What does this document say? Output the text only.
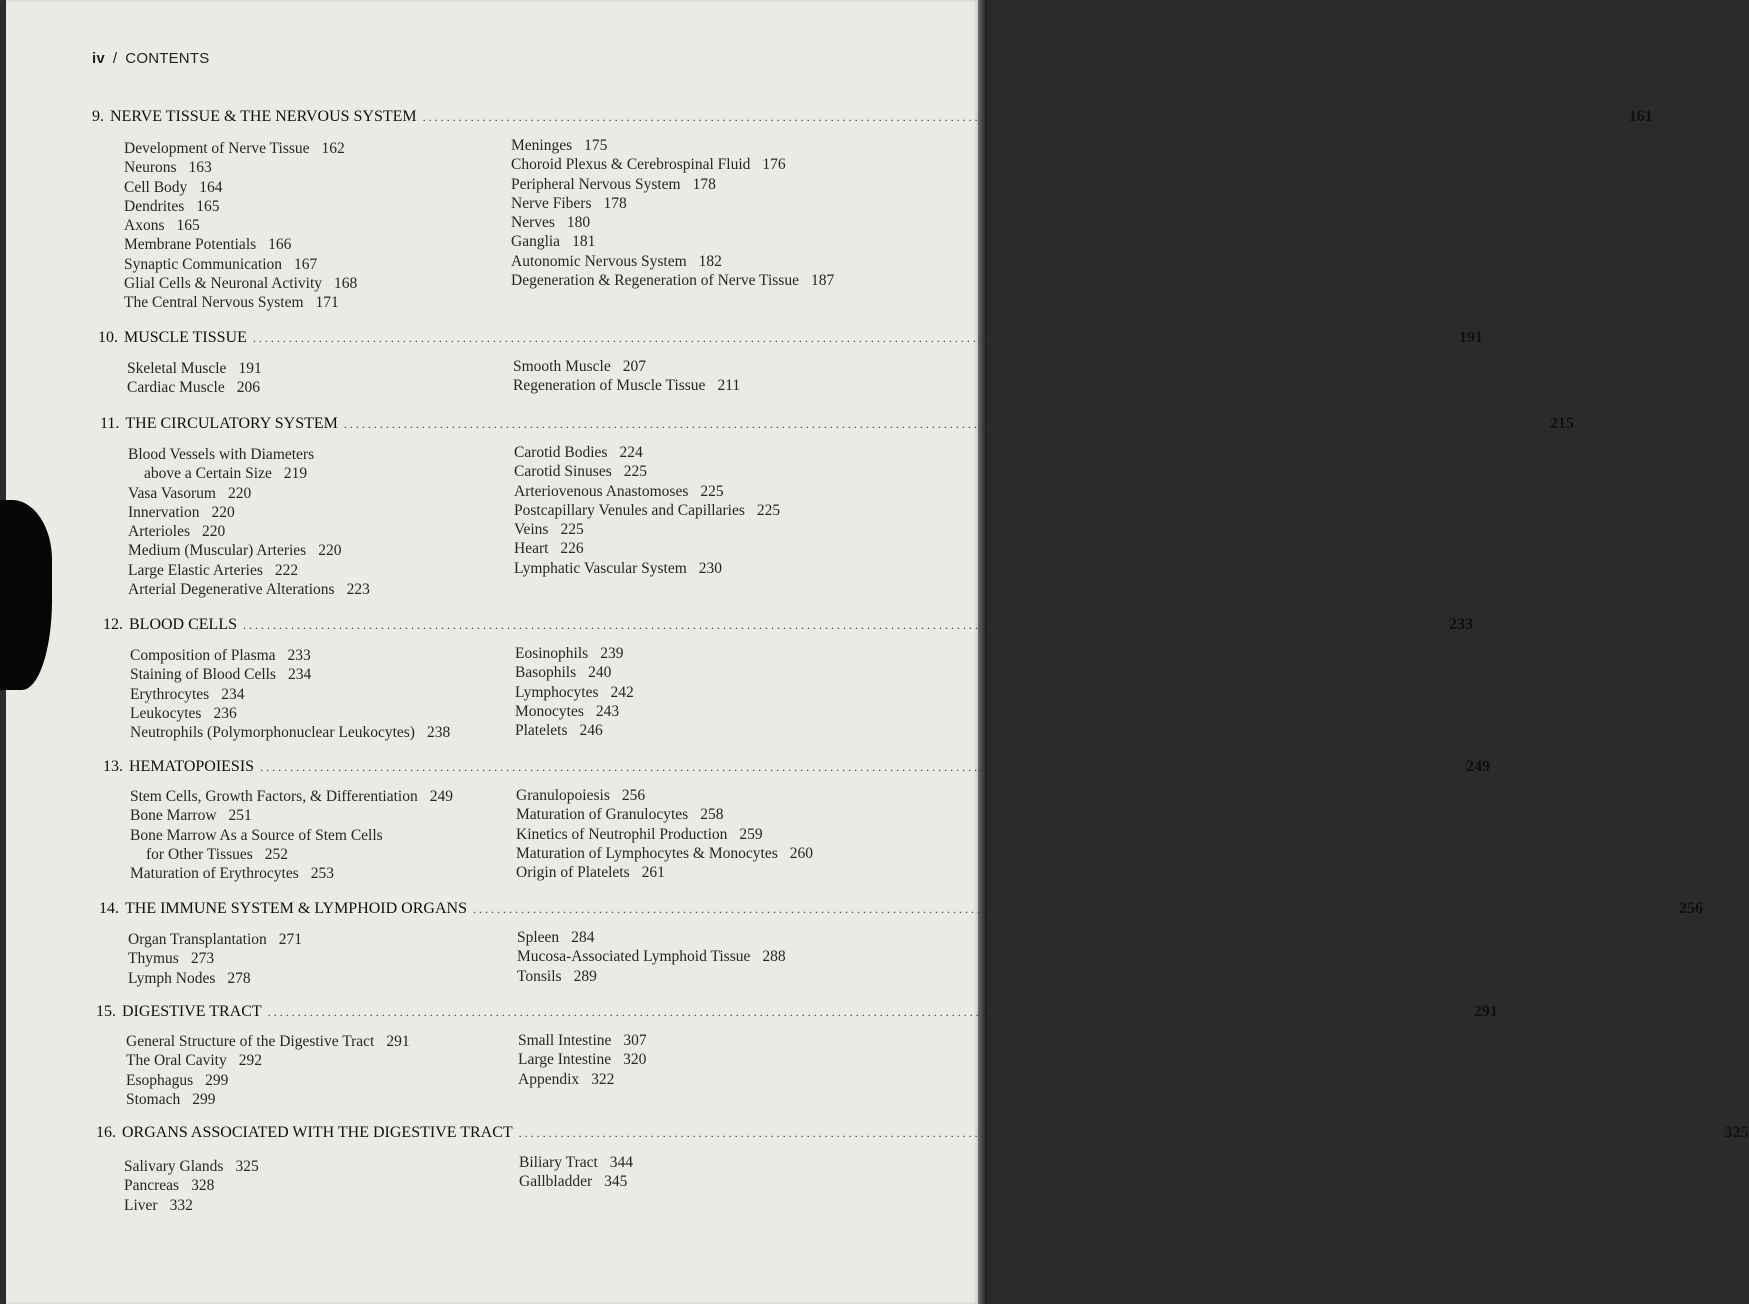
iv / CONTENTS
9. NERVE TISSUE & THE NERVOUS SYSTEM ........................................................................................................................................................................................................ 161
Development of Nerve Tissue 162
Neurons 163
Cell Body 164
Dendrites 165
Axons 165
Membrane Potentials 166
Synaptic Communication 167
Glial Cells & Neuronal Activity 168
The Central Nervous System 171
Meninges 175
Choroid Plexus & Cerebrospinal Fluid 176
Peripheral Nervous System 178
Nerve Fibers 178
Nerves 180
Ganglia 181
Autonomic Nervous System 182
Degeneration & Regeneration of Nerve Tissue 187
10. MUSCLE TISSUE ........................................................................................................................................................................................................ 191
Skeletal Muscle 191
Cardiac Muscle 206
Smooth Muscle 207
Regeneration of Muscle Tissue 211
11. THE CIRCULATORY SYSTEM ........................................................................................................................................................................................................ 215
Blood Vessels with Diameters
above a Certain Size 219
Vasa Vasorum 220
Innervation 220
Arterioles 220
Medium (Muscular) Arteries 220
Large Elastic Arteries 222
Arterial Degenerative Alterations 223
Carotid Bodies 224
Carotid Sinuses 225
Arteriovenous Anastomoses 225
Postcapillary Venules and Capillaries 225
Veins 225
Heart 226
Lymphatic Vascular System 230
12. BLOOD CELLS ........................................................................................................................................................................................................ 233
Composition of Plasma 233
Staining of Blood Cells 234
Erythrocytes 234
Leukocytes 236
Neutrophils (Polymorphonuclear Leukocytes) 238
Eosinophils 239
Basophils 240
Lymphocytes 242
Monocytes 243
Platelets 246
13. HEMATOPOIESIS ........................................................................................................................................................................................................ 249
Stem Cells, Growth Factors, & Differentiation 249
Bone Marrow 251
Bone Marrow As a Source of Stem Cells
for Other Tissues 252
Maturation of Erythrocytes 253
Granulopoiesis 256
Maturation of Granulocytes 258
Kinetics of Neutrophil Production 259
Maturation of Lymphocytes & Monocytes 260
Origin of Platelets 261
14. THE IMMUNE SYSTEM & LYMPHOID ORGANS ........................................................................................................................................................................................................ 256
Organ Transplantation 271
Thymus 273
Lymph Nodes 278
Spleen 284
Mucosa-Associated Lymphoid Tissue 288
Tonsils 289
15. DIGESTIVE TRACT ........................................................................................................................................................................................................ 291
General Structure of the Digestive Tract 291
The Oral Cavity 292
Esophagus 299
Stomach 299
Small Intestine 307
Large Intestine 320
Appendix 322
16. ORGANS ASSOCIATED WITH THE DIGESTIVE TRACT ........................................................................................................................................................................................................ 325
Salivary Glands 325
Pancreas 328
Liver 332
Biliary Tract 344
Gallbladder 345
